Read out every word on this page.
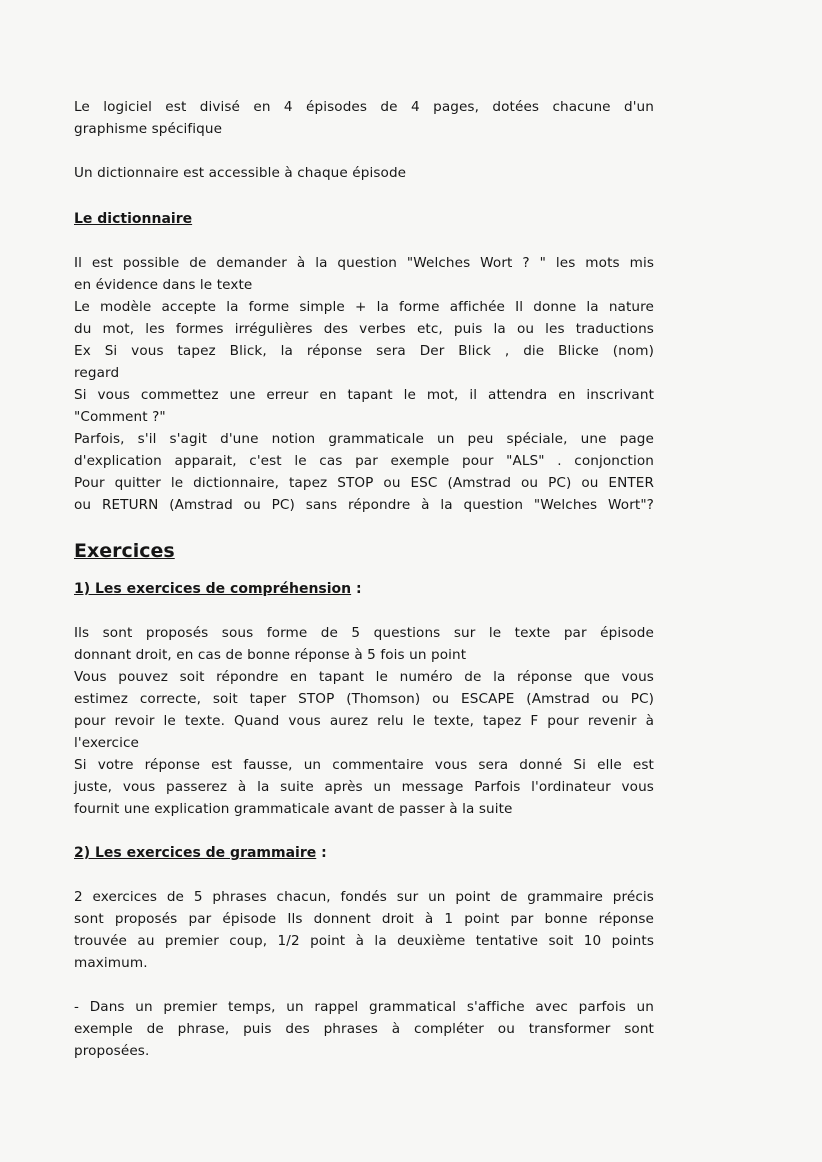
Le logiciel est divisé en 4 épisodes de 4 pages, dotées chacune d'un
graphisme spécifique

Un dictionnaire est accessible à chaque épisode

Le dictionnaire

Il est possible de demander à la question "Welches Wort ? " les mots mis
en évidence dans le texte
Le modèle accepte la forme simple + la forme affichée Il donne la nature
du mot, les formes irrégulières des verbes etc, puis la ou les traductions
Ex Si vous tapez Blick, la réponse sera Der Blick , die Blicke (nom)
regard
Si vous commettez une erreur en tapant le mot, il attendra en inscrivant
"Comment ?"
Parfois, s'il s'agit d'une notion grammaticale un peu spéciale, une page
d'explication apparait, c'est le cas par exemple pour "ALS" . conjonction
Pour quitter le dictionnaire, tapez STOP ou ESC (Amstrad ou PC) ou ENTER
ou RETURN (Amstrad ou PC) sans répondre à la question "Welches Wort"?

Exercices
1) Les exercices de compréhension :

Ils sont proposés sous forme de 5 questions sur le texte par épisode
donnant droit, en cas de bonne réponse à 5 fois un point

Vous pouvez soit répondre en tapant le numéro de la réponse que vous
estimez correcte, soit taper STOP (Thomson) ou ESCAPE (Amstrad ou PC)
pour revoir le texte. Quand vous aurez relu le texte, tapez F pour revenir à
l'exercice

Si votre réponse est fausse, un commentaire vous sera donné Si elle est
juste, vous passerez à la suite après un message Parfois l'ordinateur vous
fournit une explication grammaticale avant de passer à la suite

2) Les exercices de grammaire :

2 exercices de 5 phrases chacun, fondés sur un point de grammaire précis
sont proposés par épisode Ils donnent droit à 1 point par bonne réponse
trouvée au premier coup, 1/2 point à la deuxième tentative soit 10 points
maximum.

- Dans un premier temps, un rappel grammatical s'affiche avec parfois un
exemple de phrase, puis des phrases à compléter ou transformer sont
proposées.
